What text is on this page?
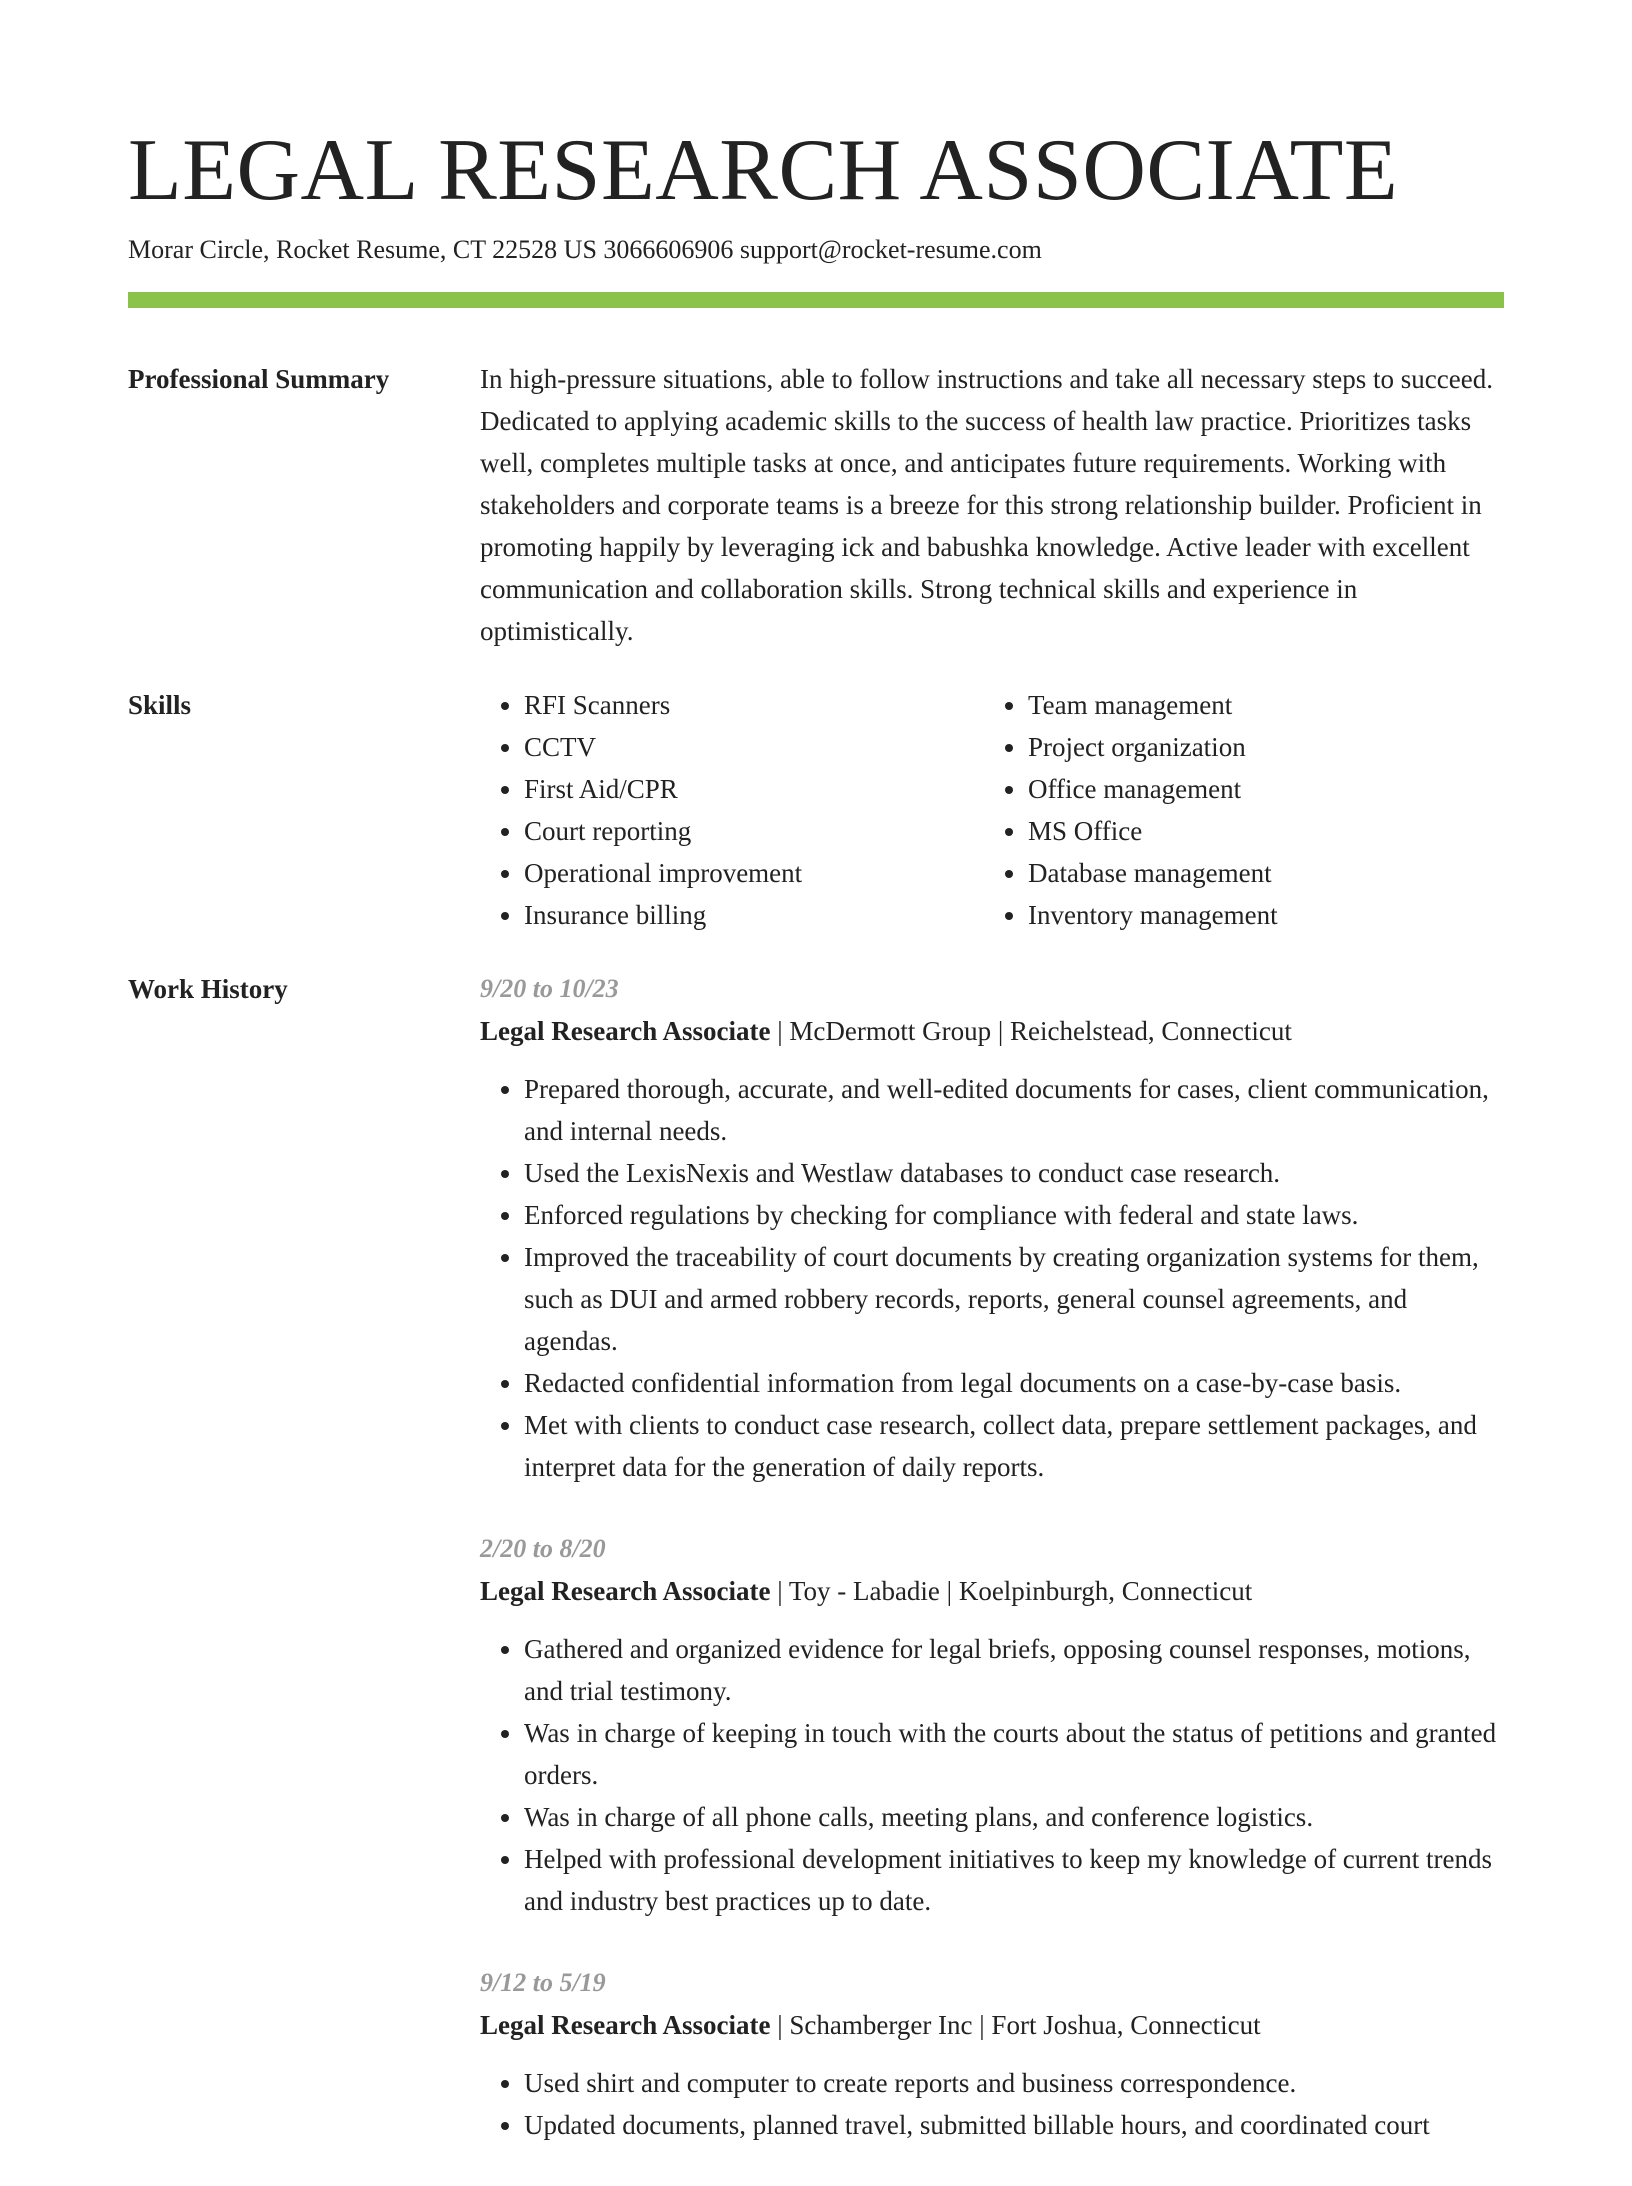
LEGAL RESEARCH ASSOCIATE
Morar Circle, Rocket Resume, CT 22528 US 3066606906 support@rocket-resume.com
Professional Summary	In high-pressure situations, able to follow instructions and take all necessary steps to succeed. Dedicated to applying academic skills to the success of health law practice. Prioritizes tasks well, completes multiple tasks at once, and anticipates future requirements. Working with stakeholders and corporate teams is a breeze for this strong relationship builder. Proficient in promoting happily by leveraging ick and babushka knowledge. Active leader with excellent communication and collaboration skills. Strong technical skills and experience in optimistically.

Skills
•	RFI Scanners
• CCTV
• First Aid/CPR
• Court reporting
• Operational improvement
• Insurance billing
• Team management
• Project organization
• Office management
• MS Office
• Database management
• Inventory management
Work History	9/20 to 10/23
Legal Research Associate | McDermott Group | Reichelstead, Connecticut
• Prepared thorough, accurate, and well-edited documents for cases, client communication, and internal needs.
• Used the LexisNexis and Westlaw databases to conduct case research.
• Enforced regulations by checking for compliance with federal and state laws.
• Improved the traceability of court documents by creating organization systems for them, such as DUI and armed robbery records, reports, general counsel agreements, and agendas.
• Redacted confidential information from legal documents on a case-by-case basis.
• Met with clients to conduct case research, collect data, prepare settlement packages, and interpret data for the generation of daily reports.
2/20 to 8/20
Legal Research Associate | Toy - Labadie | Koelpinburgh, Connecticut
• Gathered and organized evidence for legal briefs, opposing counsel responses, motions, and trial testimony.
• Was in charge of keeping in touch with the courts about the status of petitions and granted orders.
• Was in charge of all phone calls, meeting plans, and conference logistics.
• Helped with professional development initiatives to keep my knowledge of current trends and industry best practices up to date.
9/12 to 5/19
Legal Research Associate | Schamberger Inc | Fort Joshua, Connecticut
• Used shirt and computer to create reports and business correspondence.
• Updated documents, planned travel, submitted billable hours, and coordinated court
